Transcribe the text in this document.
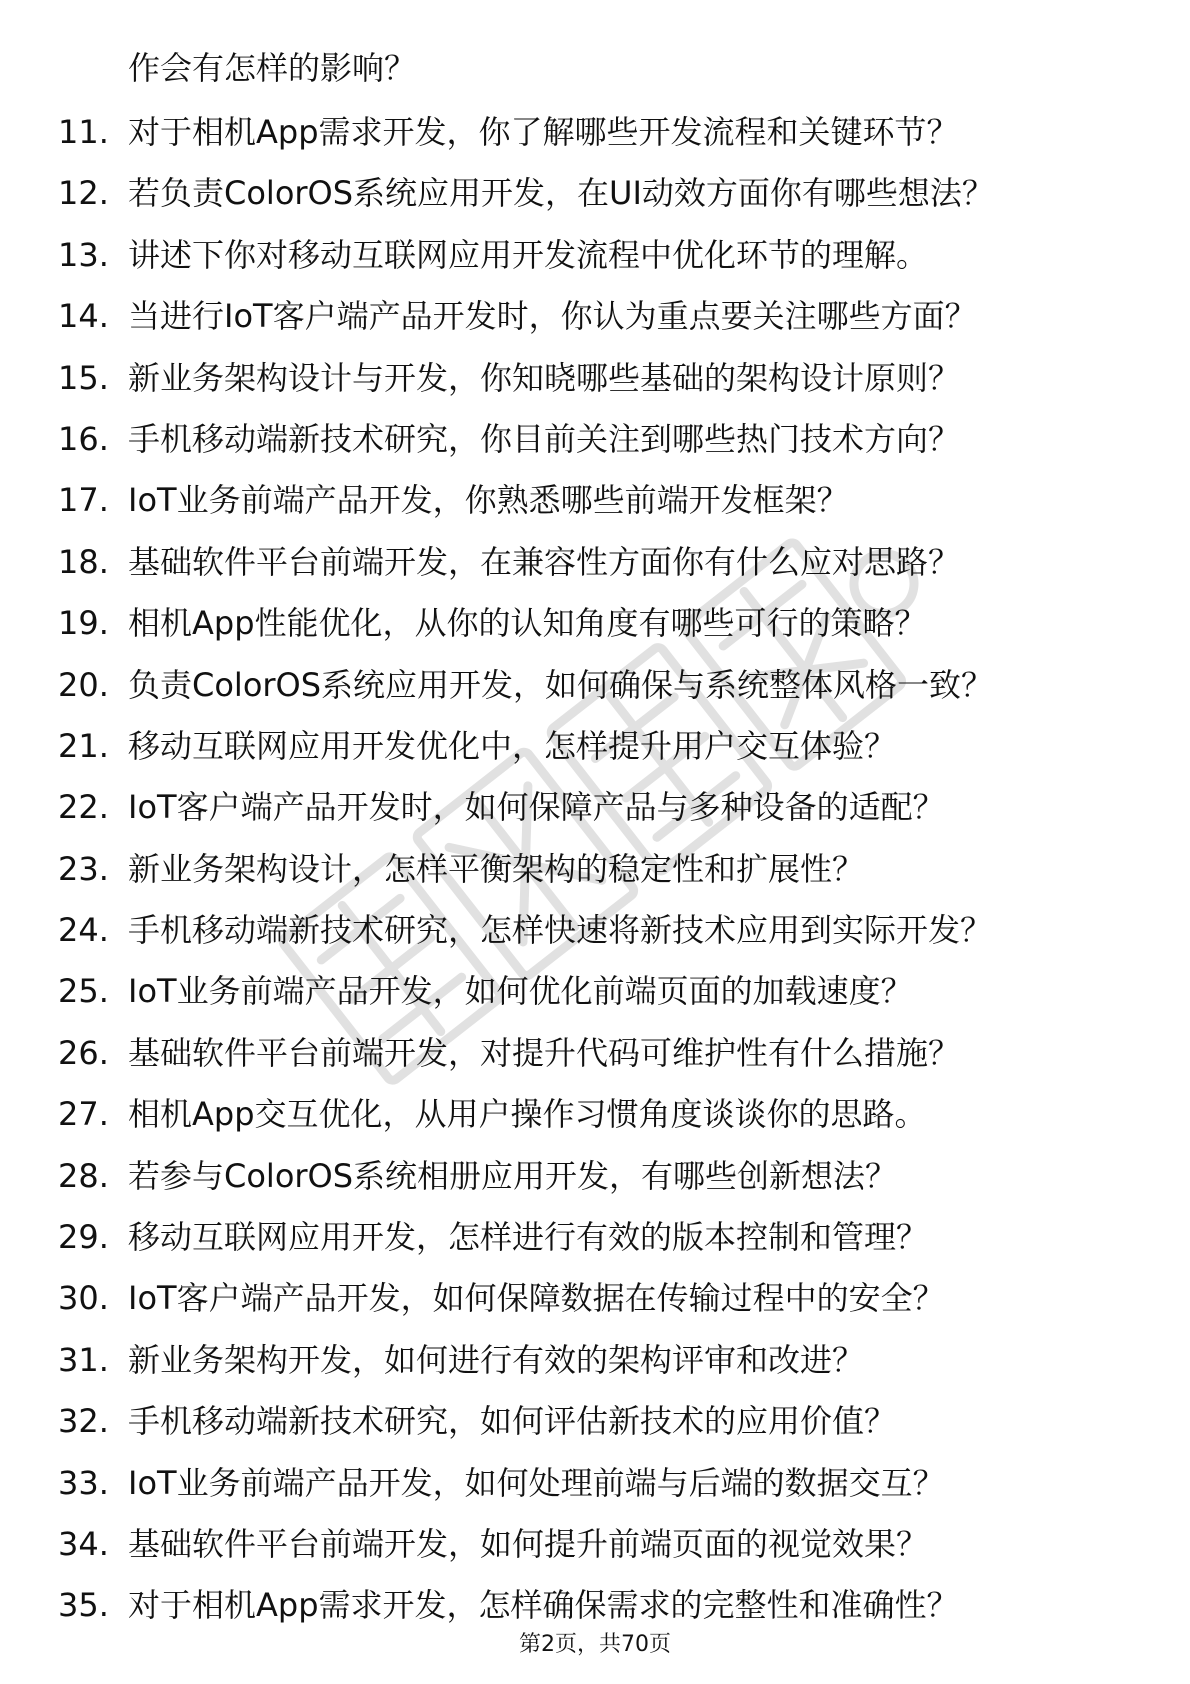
作会有怎样的影响？
11. 对于相机App需求开发，你了解哪些开发流程和关键环节？
12. 若负责ColorOS系统应用开发，在UI动效方面你有哪些想法？
13. 讲述下你对移动互联网应用开发流程中优化环节的理解。
14. 当进行IoT客户端产品开发时，你认为重点要关注哪些方面？
15. 新业务架构设计与开发，你知晓哪些基础的架构设计原则？
16. 手机移动端新技术研究，你目前关注到哪些热门技术方向？
17. IoT业务前端产品开发，你熟悉哪些前端开发框架？
18. 基础软件平台前端开发，在兼容性方面你有什么应对思路？
19. 相机App性能优化，从你的认知角度有哪些可行的策略？
20. 负责ColorOS系统应用开发，如何确保与系统整体风格一致？
21. 移动互联网应用开发优化中，怎样提升用户交互体验？
22. IoT客户端产品开发时，如何保障产品与多种设备的适配？
23. 新业务架构设计，怎样平衡架构的稳定性和扩展性？
24. 手机移动端新技术研究，怎样快速将新技术应用到实际开发？
25. IoT业务前端产品开发，如何优化前端页面的加载速度？
26. 基础软件平台前端开发，对提升代码可维护性有什么措施？
27. 相机App交互优化，从用户操作习惯角度谈谈你的思路。
28. 若参与ColorOS系统相册应用开发，有哪些创新想法？
29. 移动互联网应用开发，怎样进行有效的版本控制和管理？
30. IoT客户端产品开发，如何保障数据在传输过程中的安全？
31. 新业务架构开发，如何进行有效的架构评审和改进？
32. 手机移动端新技术研究，如何评估新技术的应用价值？
33. IoT业务前端产品开发，如何处理前端与后端的数据交互？
34. 基础软件平台前端开发，如何提升前端页面的视觉效果？
35. 对于相机App需求开发，怎样确保需求的完整性和准确性？
第2页，共70页
